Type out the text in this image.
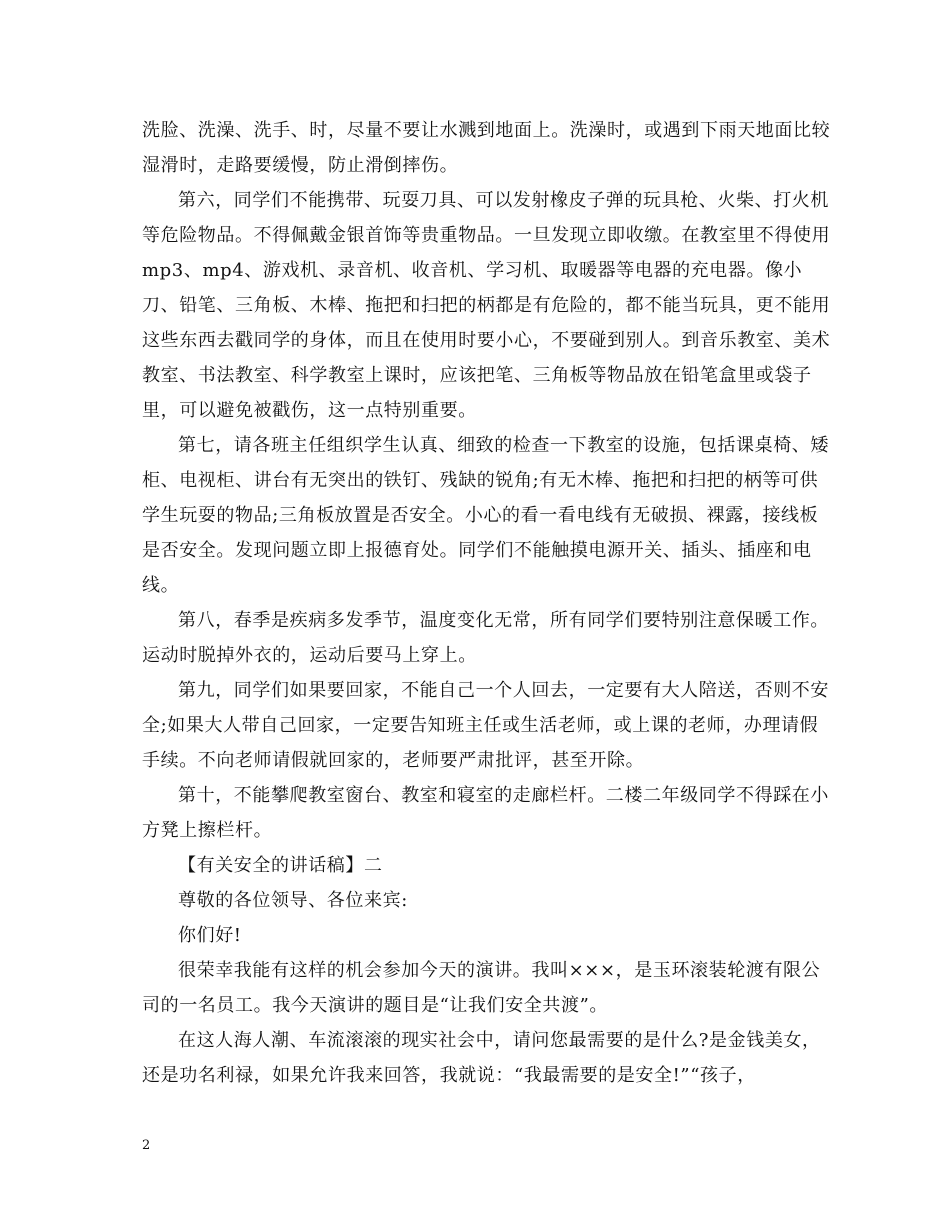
洗脸、洗澡、洗手、时，尽量不要让水溅到地面上。洗澡时，或遇到下雨天地面比较湿滑时，走路要缓慢，防止滑倒摔伤。

第六，同学们不能携带、玩耍刀具、可以发射橡皮子弹的玩具枪、火柴、打火机等危险物品。不得佩戴金银首饰等贵重物品。一旦发现立即收缴。在教室里不得使用mp3、mp4、游戏机、录音机、收音机、学习机、取暖器等电器的充电器。像小刀、铅笔、三角板、木棒、拖把和扫把的柄都是有危险的，都不能当玩具，更不能用这些东西去戳同学的身体，而且在使用时要小心，不要碰到别人。到音乐教室、美术教室、书法教室、科学教室上课时，应该把笔、三角板等物品放在铅笔盒里或袋子里，可以避免被戳伤，这一点特别重要。

第七，请各班主任组织学生认真、细致的检查一下教室的设施，包括课桌椅、矮柜、电视柜、讲台有无突出的铁钉、残缺的锐角;有无木棒、拖把和扫把的柄等可供学生玩耍的物品;三角板放置是否安全。小心的看一看电线有无破损、裸露，接线板是否安全。发现问题立即上报德育处。同学们不能触摸电源开关、插头、插座和电线。

第八，春季是疾病多发季节，温度变化无常，所有同学们要特别注意保暖工作。运动时脱掉外衣的，运动后要马上穿上。

第九，同学们如果要回家，不能自己一个人回去，一定要有大人陪送，否则不安全;如果大人带自己回家，一定要告知班主任或生活老师，或上课的老师，办理请假手续。不向老师请假就回家的，老师要严肃批评，甚至开除。

第十，不能攀爬教室窗台、教室和寝室的走廊栏杆。二楼二年级同学不得踩在小方凳上擦栏杆。

【有关安全的讲话稿】二

尊敬的各位领导、各位来宾:

你们好!

很荣幸我能有这样的机会参加今天的演讲。我叫×××，是玉环滚装轮渡有限公司的一名员工。我今天演讲的题目是“让我们安全共渡”。

在这人海人潮、车流滚滚的现实社会中，请问您最需要的是什么?是金钱美女，还是功名利禄，如果允许我来回答，我就说：“我最需要的是安全!”“孩子，

2
